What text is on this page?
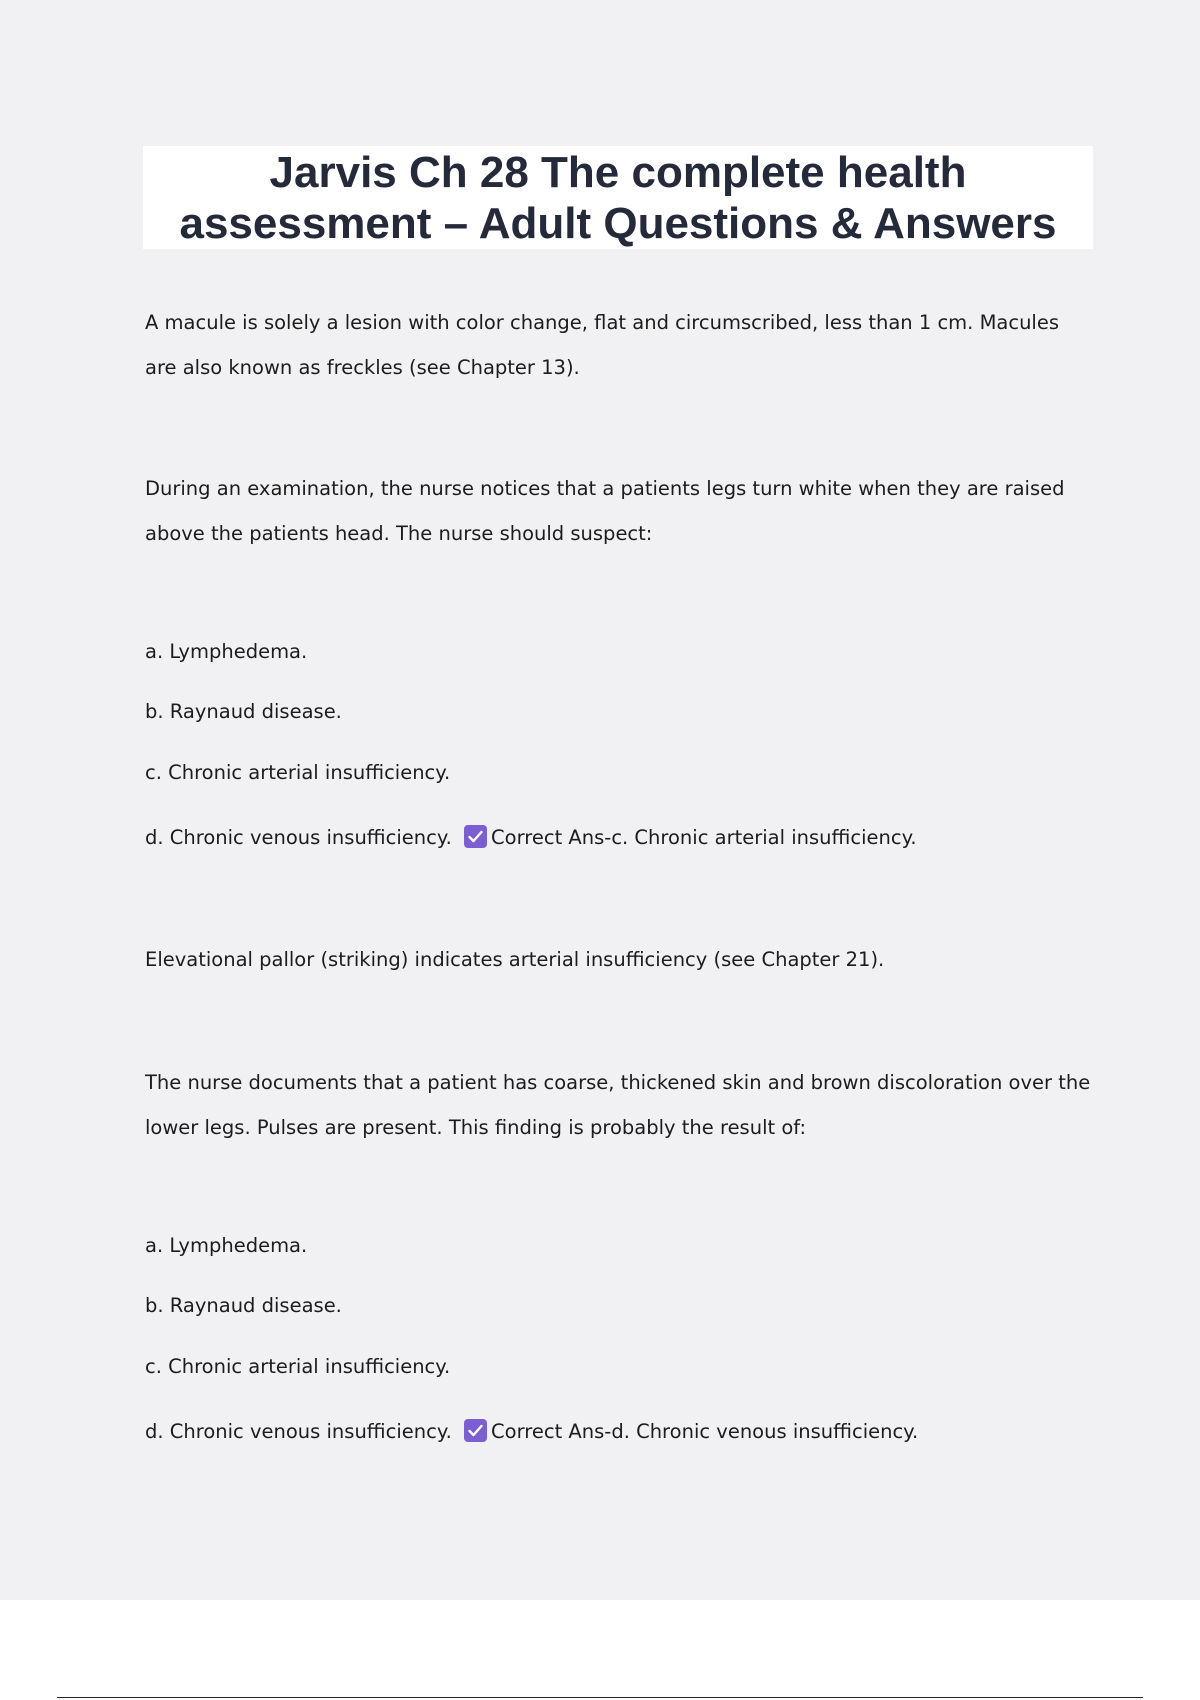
Jarvis Ch 28 The complete health
assessment – Adult Questions & Answers

A macule is solely a lesion with color change, flat and circumscribed, less than 1 cm. Macules are also known as freckles (see Chapter 13).

During an examination, the nurse notices that a patients legs turn white when they are raised above the patients head. The nurse should suspect:

a. Lymphedema.

b. Raynaud disease.

c. Chronic arterial insufficiency.

d. Chronic venous insufficiency. Correct Ans-c. Chronic arterial insufficiency.

Elevational pallor (striking) indicates arterial insufficiency (see Chapter 21).

The nurse documents that a patient has coarse, thickened skin and brown discoloration over the lower legs. Pulses are present. This finding is probably the result of:

a. Lymphedema.

b. Raynaud disease.

c. Chronic arterial insufficiency.

d. Chronic venous insufficiency. Correct Ans-d. Chronic venous insufficiency.
